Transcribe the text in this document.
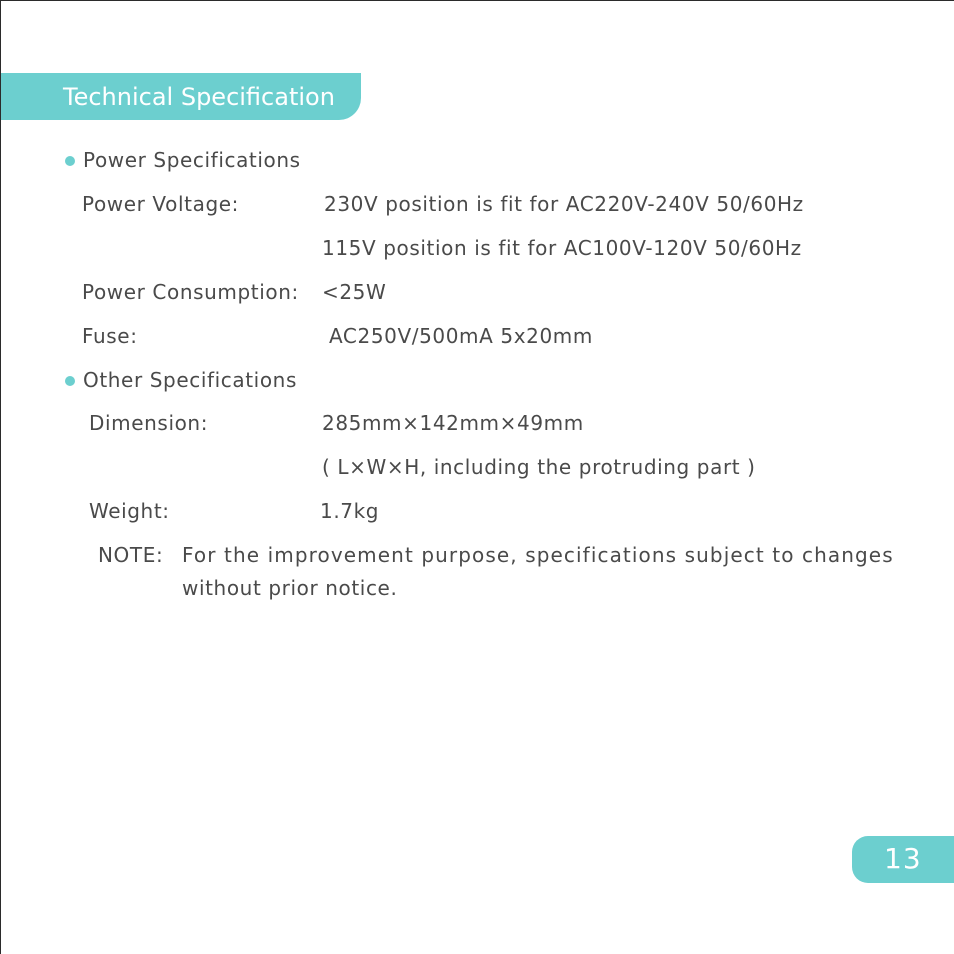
Technical Specification
Power Specifications
Power Voltage:	230V position is fit for AC220V-240V 50/60Hz
115V position is fit for AC100V-120V 50/60Hz
Power Consumption: <25W
Fuse:	AC250V/500mA 5x20mm
Other Specifications
Dimension:	285mm×142mm×49mm
( L×W×H, including the protruding part )
Weight:	1.7kg
NOTE: For the improvement purpose, specifications subject to changes
without prior notice.
13
